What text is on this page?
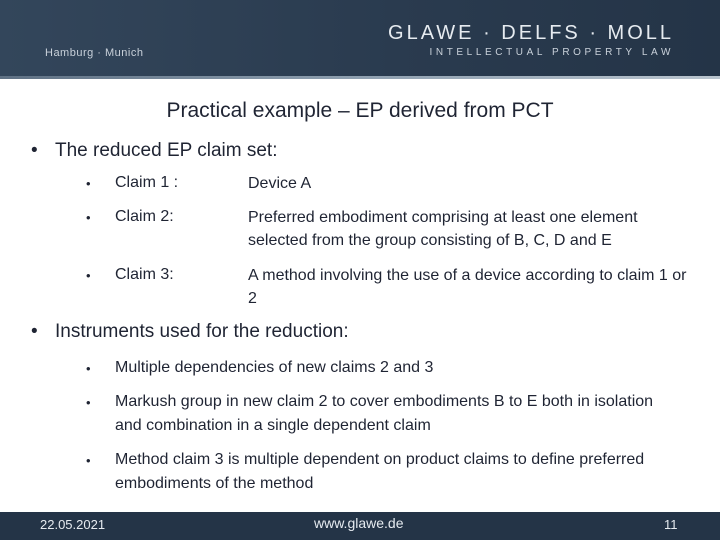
Hamburg · Munich
GLAWE · DELFS · MOLL
INTELLECTUAL PROPERTY LAW
Practical example – EP derived from PCT
• The reduced EP claim set:
• Claim 1 :	Device A
• Claim 2:	Preferred embodiment comprising at least one element selected from the group consisting of B, C, D and E
• Claim 3:	A method involving the use of a device according to claim 1 or 2
• Instruments used for the reduction:
• Multiple dependencies of new claims 2 and 3
• Markush group in new claim 2 to cover embodiments B to E both in isolation and combination in a single dependent claim
• Method claim 3 is multiple dependent on product claims to define preferred embodiments of the method
22.05.2021	www.glawe.de	11
